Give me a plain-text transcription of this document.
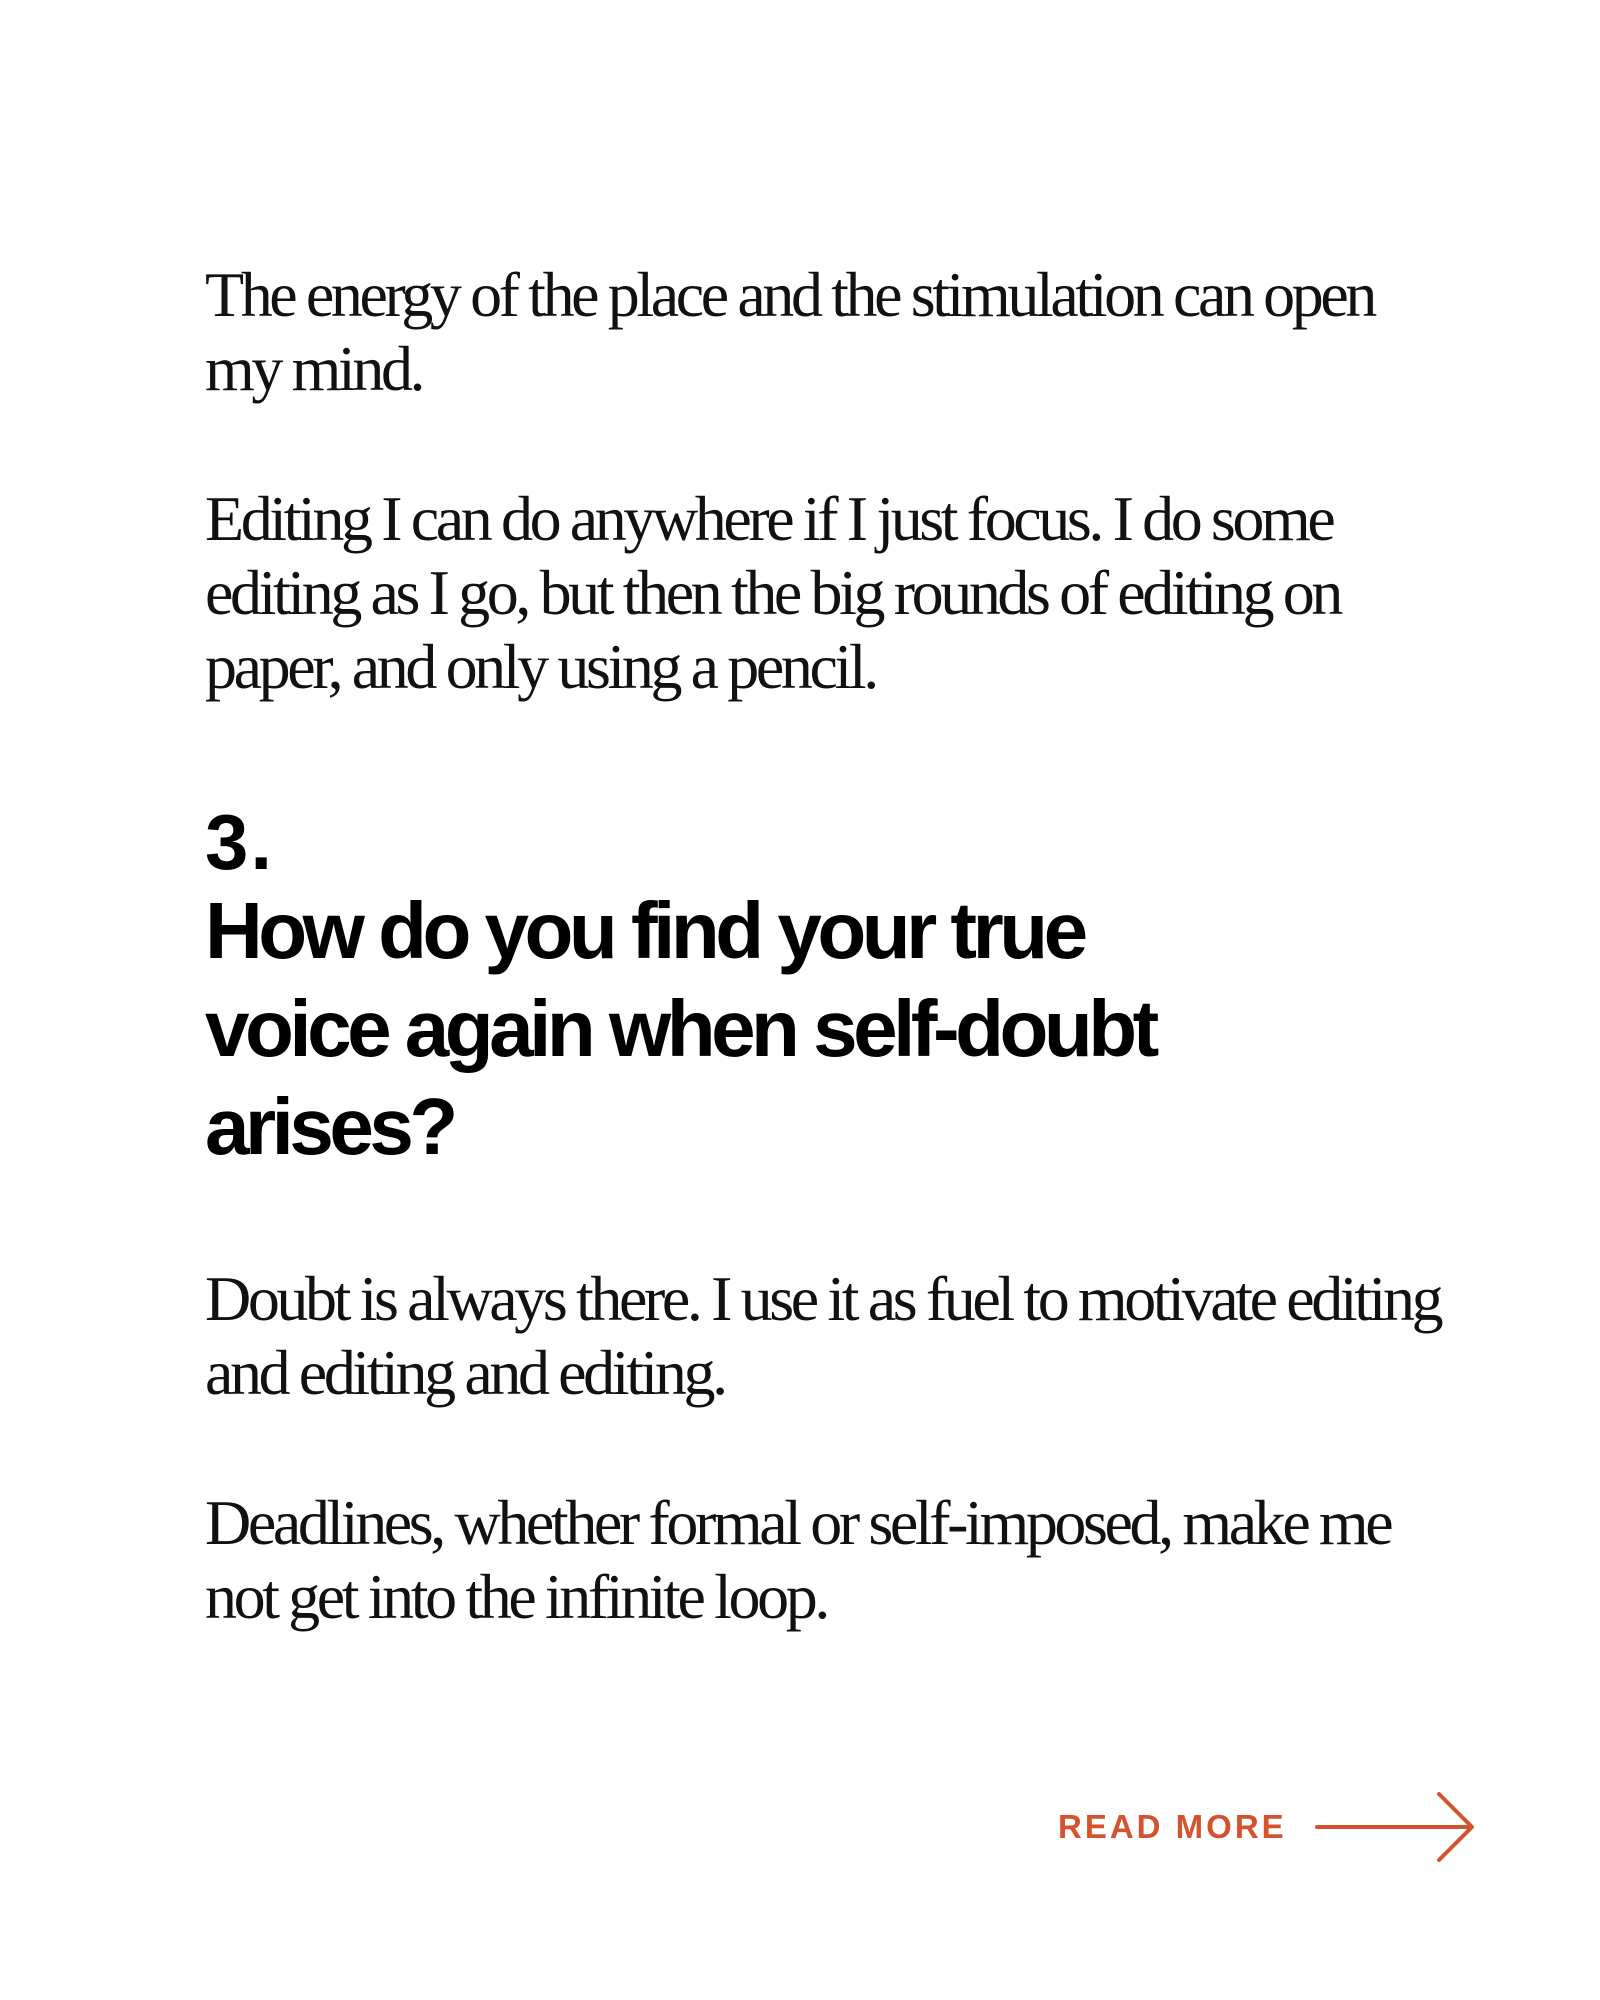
The energy of the place and the stimulation can open my mind.

Editing I can do anywhere if I just focus. I do some editing as I go, but then the big rounds of editing on paper, and only using a pencil.

3.
How do you find your true
voice again when self-doubt
arises?

Doubt is always there. I use it as fuel to motivate editing and editing and editing.

Deadlines, whether formal or self-imposed, make me not get into the infinite loop.

READ MORE
